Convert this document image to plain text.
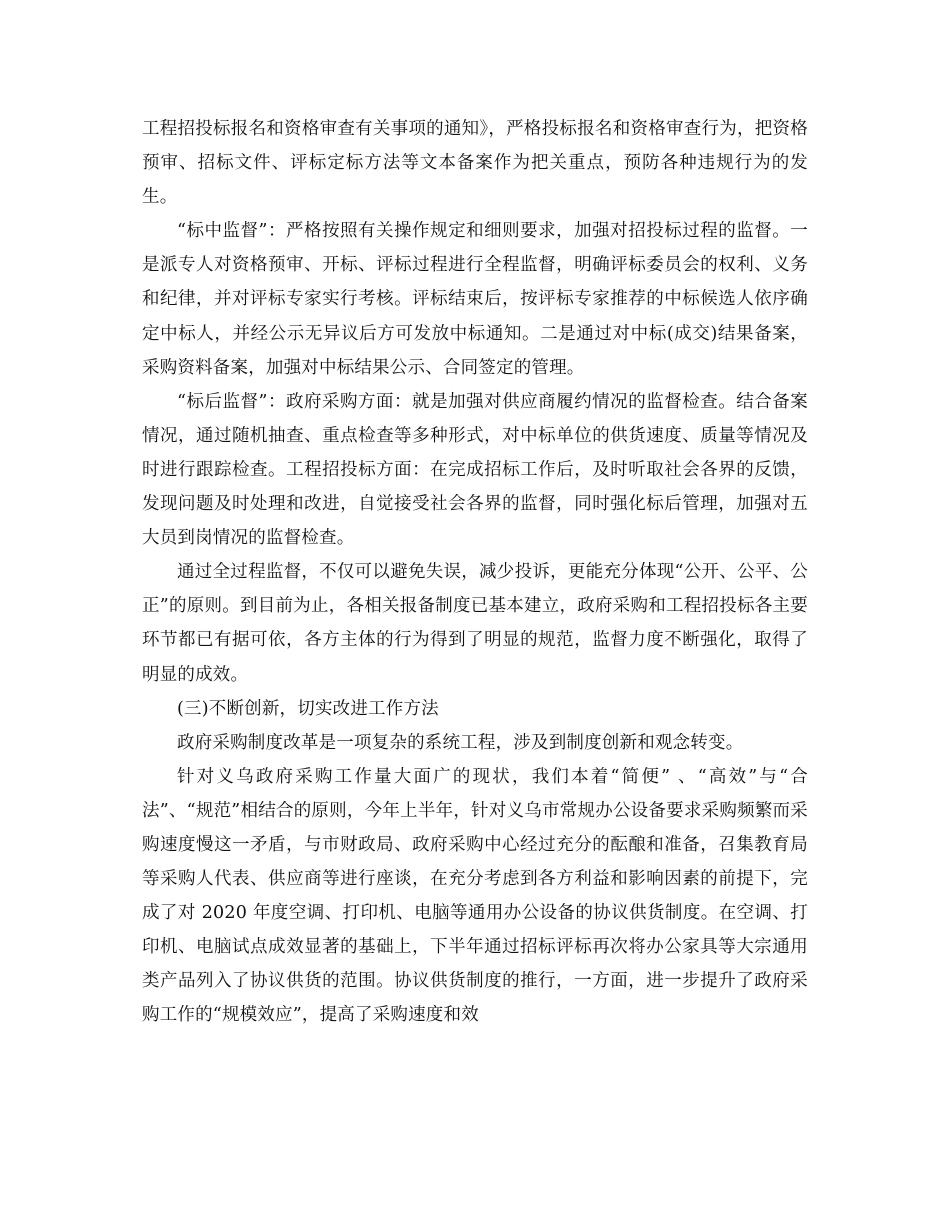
工程招投标报名和资格审查有关事项的通知》，严格投标报名和资格审查行为，把资格预审、招标文件、评标定标方法等文本备案作为把关重点，预防各种违规行为的发生。

“标中监督”：严格按照有关操作规定和细则要求，加强对招投标过程的监督。一是派专人对资格预审、开标、评标过程进行全程监督，明确评标委员会的权利、义务和纪律，并对评标专家实行考核。评标结束后，按评标专家推荐的中标候选人依序确定中标人，并经公示无异议后方可发放中标通知。二是通过对中标(成交)结果备案，采购资料备案，加强对中标结果公示、合同签定的管理。

“标后监督”：政府采购方面：就是加强对供应商履约情况的监督检查。结合备案情况，通过随机抽查、重点检查等多种形式，对中标单位的供货速度、质量等情况及时进行跟踪检查。工程招投标方面：在完成招标工作后，及时听取社会各界的反馈，发现问题及时处理和改进，自觉接受社会各界的监督，同时强化标后管理，加强对五大员到岗情况的监督检查。

通过全过程监督，不仅可以避免失误，减少投诉，更能充分体现“公开、公平、公正”的原则。到目前为止，各相关报备制度已基本建立，政府采购和工程招投标各主要环节都已有据可依，各方主体的行为得到了明显的规范，监督力度不断强化，取得了明显的成效。

(三)不断创新，切实改进工作方法

政府采购制度改革是一项复杂的系统工程，涉及到制度创新和观念转变。

针对义乌政府采购工作量大面广的现状，我们本着“简便” 、“高效”与“合法”、“规范”相结合的原则，今年上半年，针对义乌市常规办公设备要求采购频繁而采购速度慢这一矛盾，与市财政局、政府采购中心经过充分的酝酿和准备，召集教育局等采购人代表、供应商等进行座谈，在充分考虑到各方利益和影响因素的前提下，完成了对 2020 年度空调、打印机、电脑等通用办公设备的协议供货制度。在空调、打印机、电脑试点成效显著的基础上，下半年通过招标评标再次将办公家具等大宗通用类产品列入了协议供货的范围。协议供货制度的推行，一方面，进一步提升了政府采购工作的“规模效应”，提高了采购速度和效
